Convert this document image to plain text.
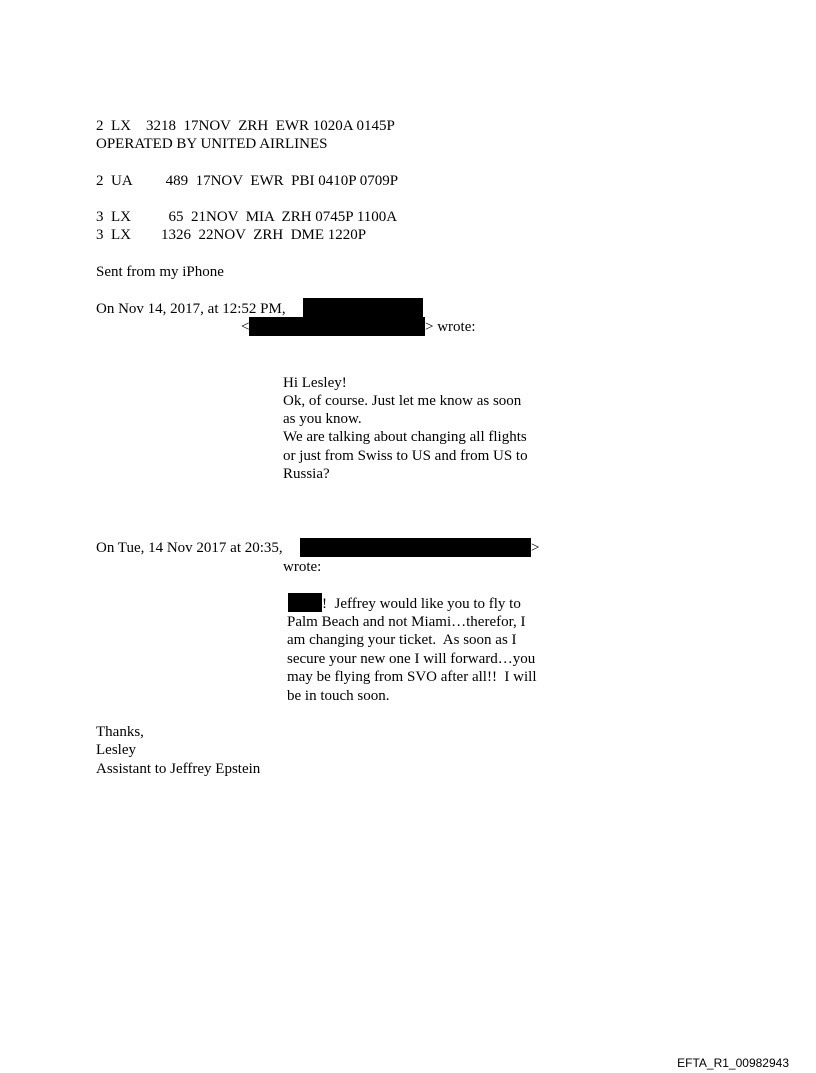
2  LX    3218  17NOV  ZRH  EWR 1020A 0145P
OPERATED BY UNITED AIRLINES
2  UA         489  17NOV  EWR  PBI 0410P 0709P
3  LX          65  21NOV  MIA  ZRH 0745P 1100A
3  LX        1326  22NOV  ZRH  DME 1220P
Sent from my iPhone
On Nov 14, 2017, at 12:52 PM,
<	> wrote:
Hi Lesley!
Ok, of course. Just let me know as soon
as you know.
We are talking about changing all flights
or just from Swiss to US and from US to
Russia?
On Tue, 14 Nov 2017 at 20:35,	>
wrote:
!  Jeffrey would like you to fly to
Palm Beach and not Miami…therefor, I
am changing your ticket.  As soon as I
secure your new one I will forward…you
may be flying from SVO after all!!  I will
be in touch soon.
Thanks,
Lesley
Assistant to Jeffrey Epstein
EFTA_R1_00982943
